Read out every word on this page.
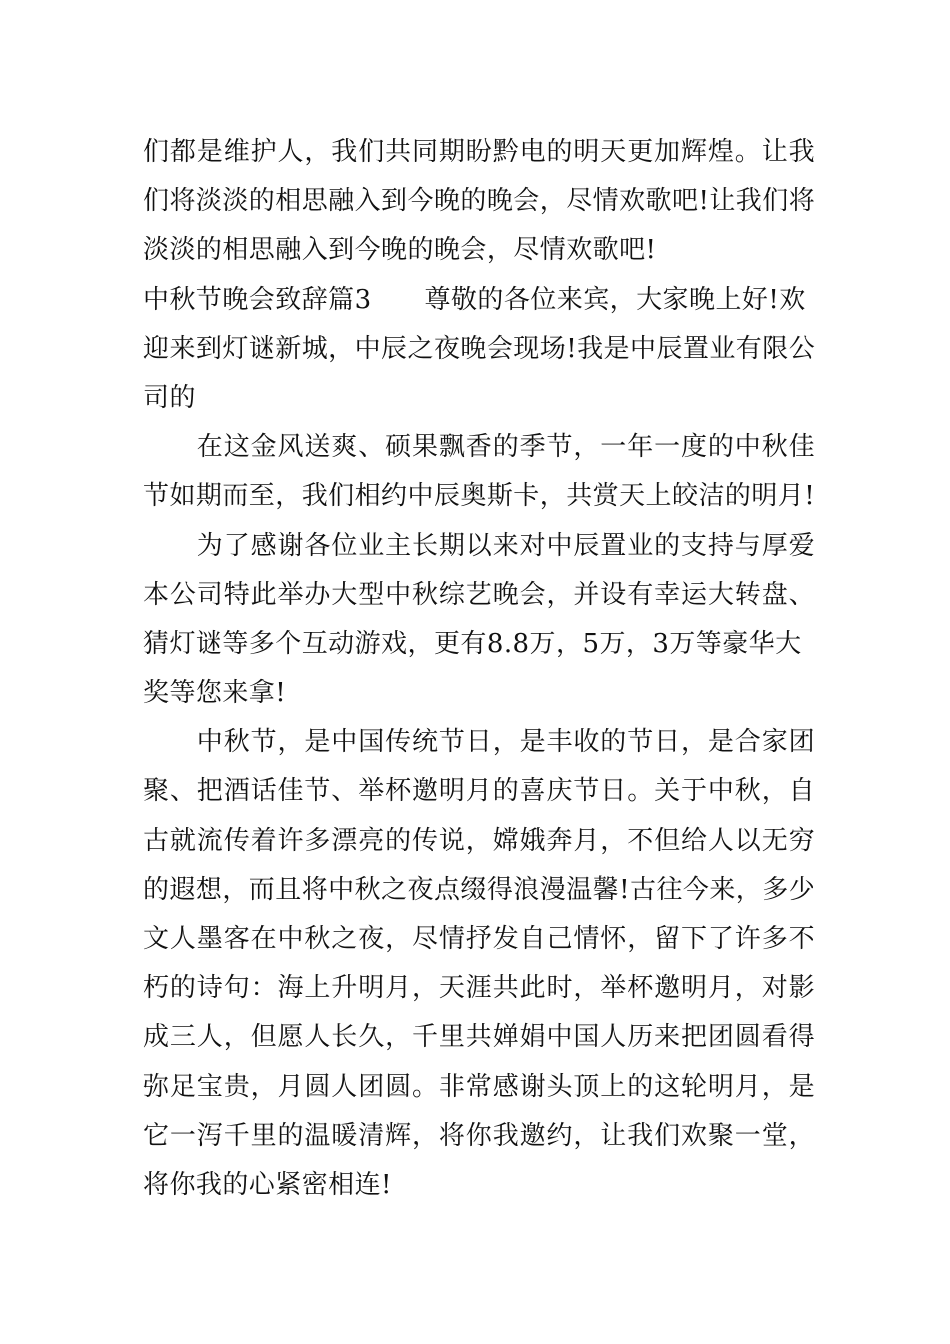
们都是维护人，我们共同期盼黔电的明天更加辉煌。让我
们将淡淡的相思融入到今晚的晚会，尽情欢歌吧!让我们将
淡淡的相思融入到今晚的晚会，尽情欢歌吧!
中秋节晚会致辞篇3　　尊敬的各位来宾，大家晚上好!欢
迎来到灯谜新城，中辰之夜晚会现场!我是中辰置业有限公
司的
　　在这金风送爽、硕果飘香的季节，一年一度的中秋佳
节如期而至，我们相约中辰奥斯卡，共赏天上皎洁的明月!
　　为了感谢各位业主长期以来对中辰置业的支持与厚爱
本公司特此举办大型中秋综艺晚会，并设有幸运大转盘、
猜灯谜等多个互动游戏，更有8.8万，5万，3万等豪华大
奖等您来拿!
　　中秋节，是中国传统节日，是丰收的节日，是合家团
聚、把酒话佳节、举杯邀明月的喜庆节日。关于中秋，自
古就流传着许多漂亮的传说，嫦娥奔月，不但给人以无穷
的遐想，而且将中秋之夜点缀得浪漫温馨!古往今来，多少
文人墨客在中秋之夜，尽情抒发自己情怀，留下了许多不
朽的诗句：海上升明月，天涯共此时，举杯邀明月，对影
成三人，但愿人长久，千里共婵娟中国人历来把团圆看得
弥足宝贵，月圆人团圆。非常感谢头顶上的这轮明月，是
它一泻千里的温暖清辉，将你我邀约，让我们欢聚一堂，
将你我的心紧密相连!
